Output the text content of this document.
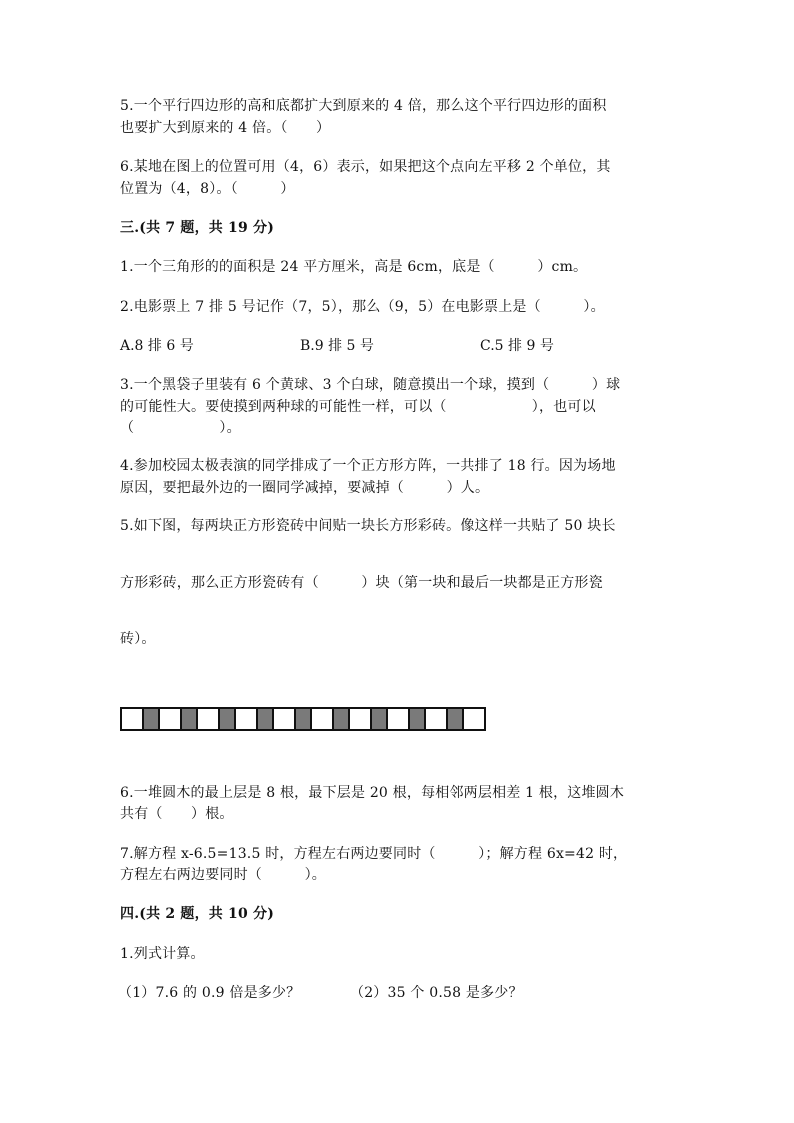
5.一个平行四边形的高和底都扩大到原来的 4 倍，那么这个平行四边形的面积

也要扩大到原来的 4 倍。（　　）

6.某地在图上的位置可用（4，6）表示，如果把这个点向左平移 2 个单位，其

位置为（4，8）。（　　　）

三.(共 7 题，共 19 分)

1.一个三角形的的面积是 24 平方厘米，高是 6cm，底是（　　　）cm。

2.电影票上 7 排 5 号记作（7，5），那么（9，5）在电影票上是（　　　）。

A.8 排 6 号	B.9 排 5 号	C.5 排 9 号

3.一个黑袋子里装有 6 个黄球、3 个白球，随意摸出一个球，摸到（　　　）球

的可能性大。要使摸到两种球的可能性一样，可以（　　　　　　），也可以

（　　　　　　）。

4.参加校园太极表演的同学排成了一个正方形方阵，一共排了 18 行。因为场地

原因，要把最外边的一圈同学减掉，要减掉（　　　）人。

5.如下图，每两块正方形瓷砖中间贴一块长方形彩砖。像这样一共贴了 50 块长

方形彩砖，那么正方形瓷砖有（　　　）块（第一块和最后一块都是正方形瓷

砖）。

6.一堆圆木的最上层是 8 根，最下层是 20 根，每相邻两层相差 1 根，这堆圆木

共有（　　）根。

7.解方程 x-6.5=13.5 时，方程左右两边要同时（　　　）；解方程 6x=42 时，

方程左右两边要同时（　　　）。

四.(共 2 题，共 10 分)

1.列式计算。

（1）7.6 的 0.9 倍是多少？	（2）35 个 0.58 是多少？
